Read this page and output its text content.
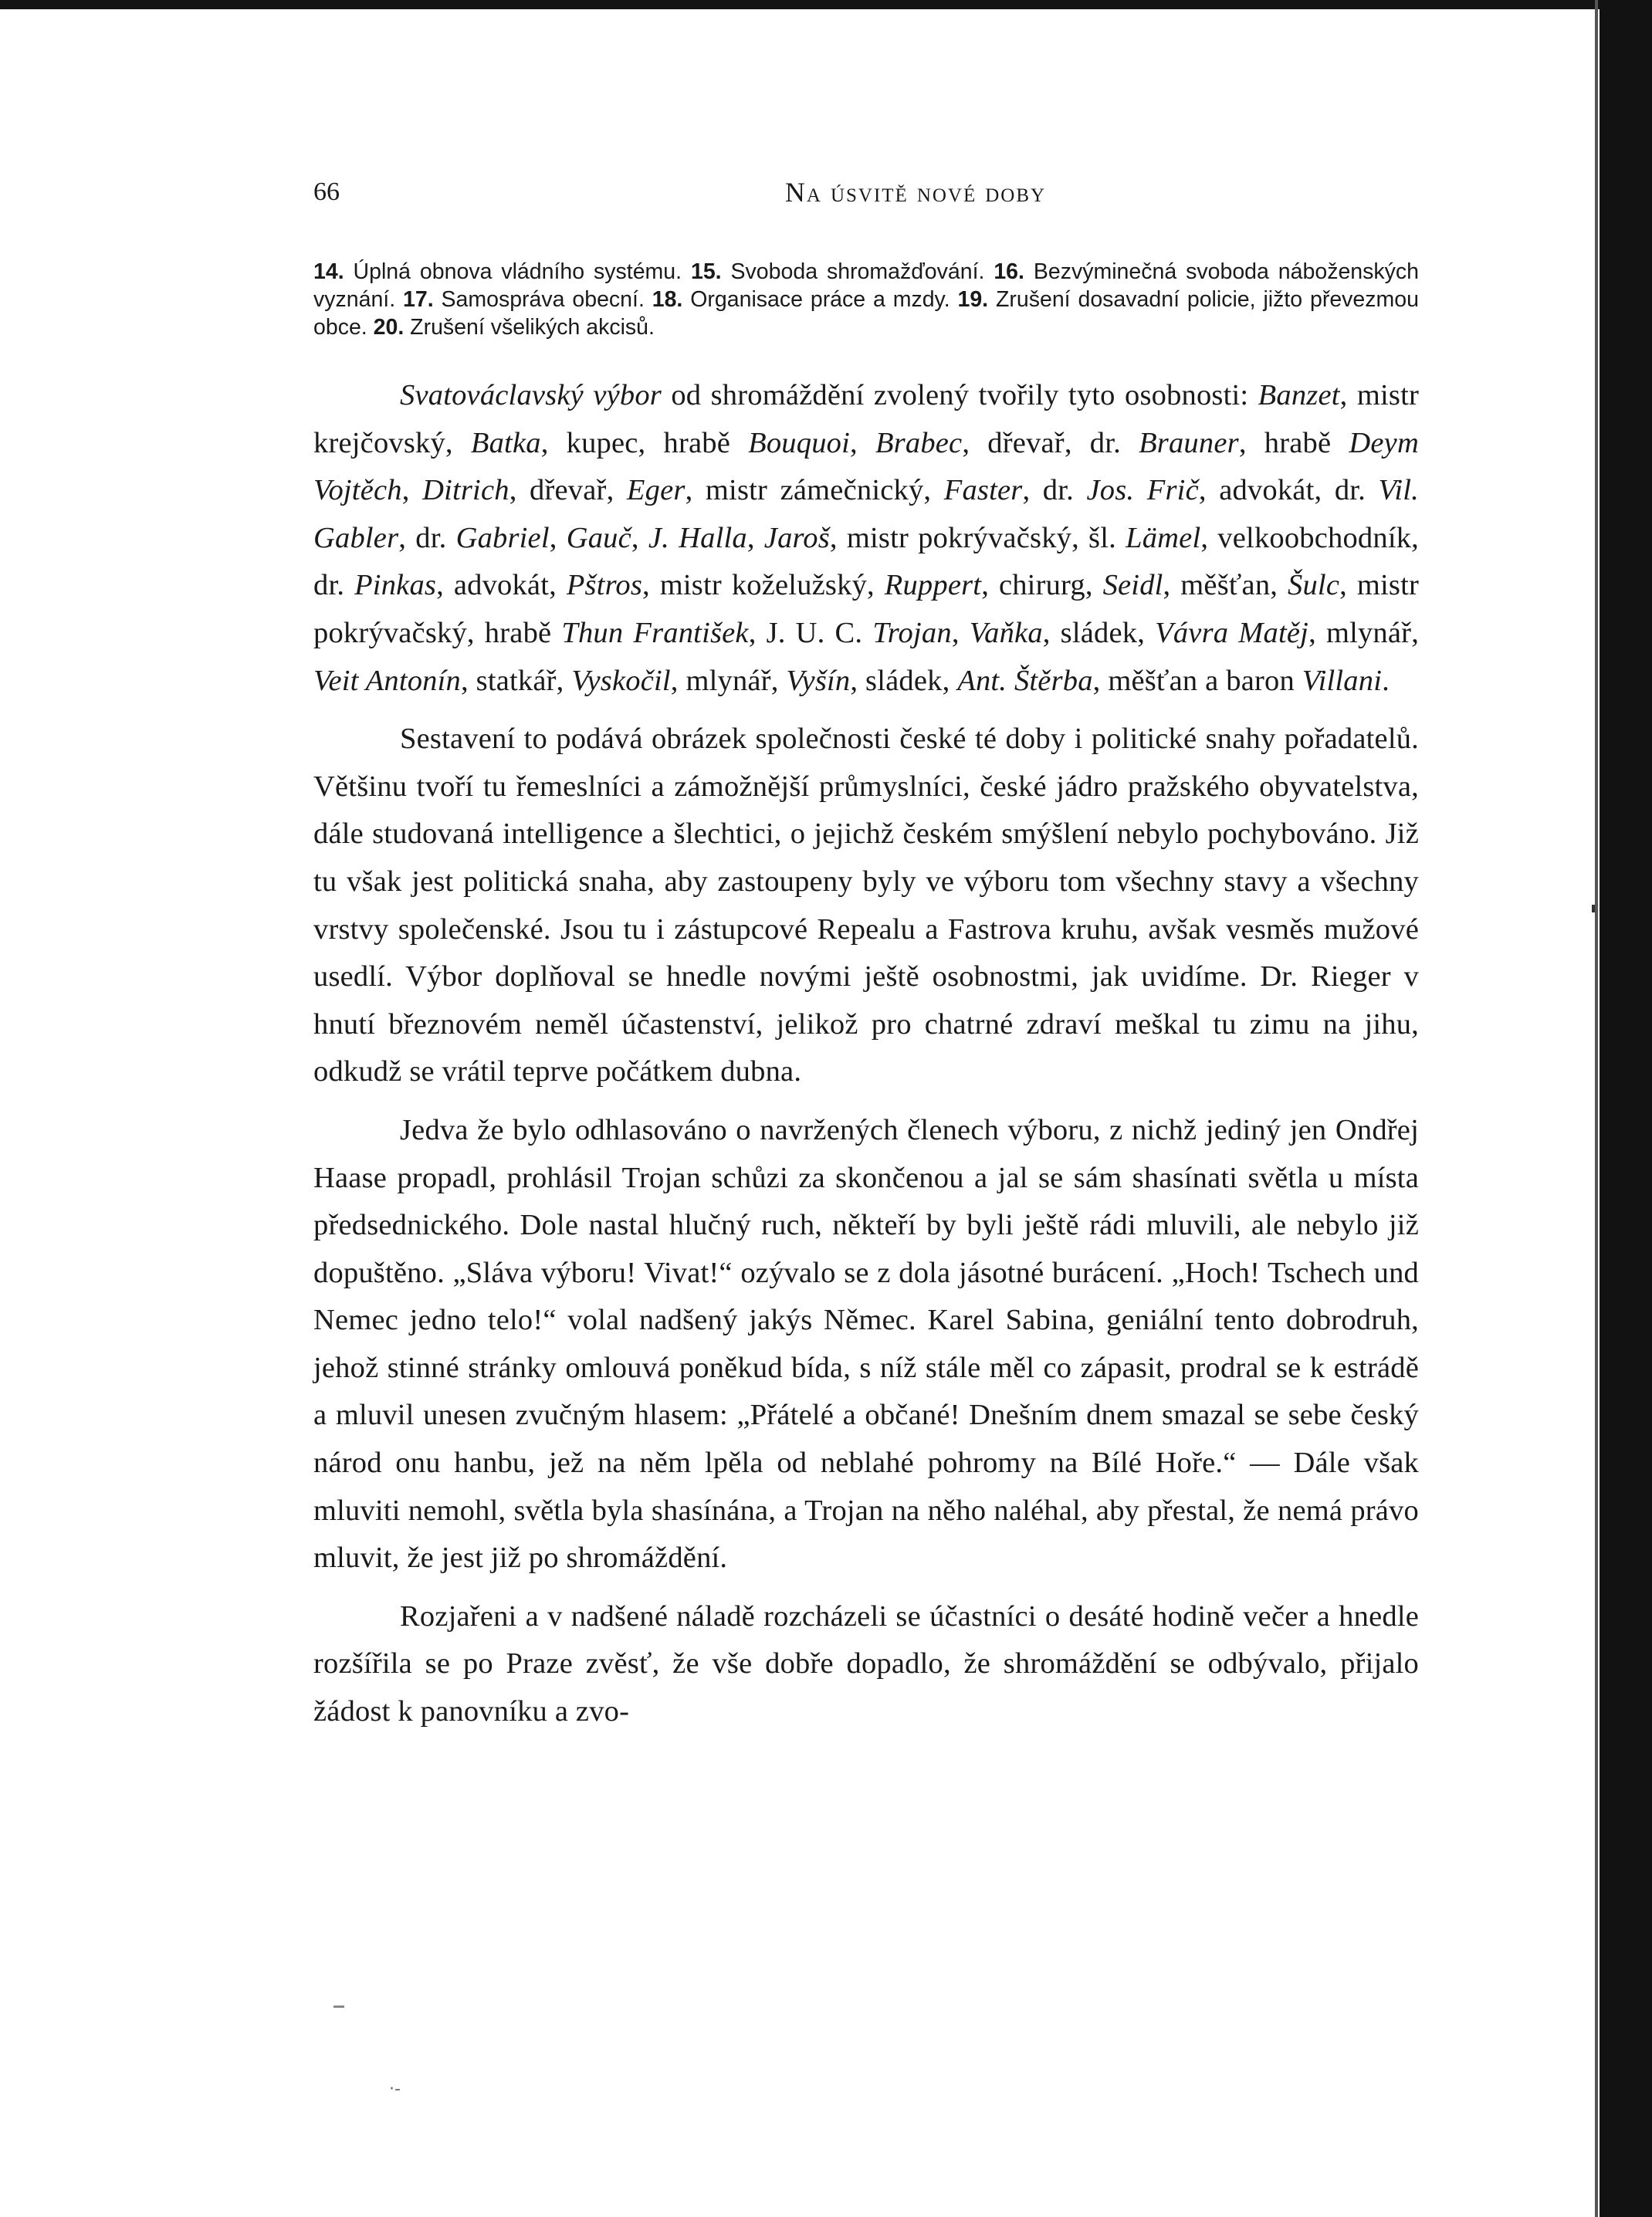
66	Na úsvitě nové doby

14. Úplná obnova vládního systému. 15. Svoboda shromažďování. 16. Bezvýminečná svoboda náboženských vyznání. 17. Samospráva obecní. 18. Organisace práce a mzdy. 19. Zrušení dosavadní policie, jižto převezmou obce. 20. Zrušení všelikých akcisů.

Svatováclavský výbor od shromáždění zvolený tvořily tyto osobnosti: Banzet, mistr krejčovský, Batka, kupec, hrabě Bouquoi, Brabec, dřevař, dr. Brauner, hrabě Deym Vojtěch, Ditrich, dřevař, Eger, mistr zámečnický, Faster, dr. Jos. Frič, advokát, dr. Vil. Gabler, dr. Gabriel, Gauč, J. Halla, Jaroš, mistr pokrývačský, šl. Lämel, velkoobchodník, dr. Pinkas, advokát, Pštros, mistr koželužský, Ruppert, chirurg, Seidl, měšťan, Šulc, mistr pokrývačský, hrabě Thun František, J. U. C. Trojan, Vaňka, sládek, Vávra Matěj, mlynář, Veit Antonín, statkář, Vyskočil, mlynář, Vyšín, sládek, Ant. Štěrba, měšťan a baron Villani.

Sestavení to podává obrázek společnosti české té doby i politické snahy pořadatelů. Většinu tvoří tu řemeslníci a zámožnější průmyslníci, české jádro pražského obyvatelstva, dále studovaná intelligence a šlechtici, o jejichž českém smýšlení nebylo pochybováno. Již tu však jest politická snaha, aby zastoupeny byly ve výboru tom všechny stavy a všechny vrstvy společenské. Jsou tu i zástupcové Repealu a Fastrova kruhu, avšak vesměs mužové usedlí. Výbor doplňoval se hnedle novými ještě osobnostmi, jak uvidíme. Dr. Rieger v hnutí březnovém neměl účastenství, jelikož pro chatrné zdraví meškal tu zimu na jihu, odkudž se vrátil teprve počátkem dubna.

Jedva že bylo odhlasováno o navržených členech výboru, z nichž jediný jen Ondřej Haase propadl, prohlásil Trojan schůzi za skončenou a jal se sám shasínati světla u místa předsednického. Dole nastal hlučný ruch, někteří by byli ještě rádi mluvili, ale nebylo již dopuštěno. „Sláva výboru! Vivat!“ ozývalo se z dola jásotné burácení. „Hoch! Tschech und Nemec jedno telo!“ volal nadšený jakýs Němec. Karel Sabina, geniální tento dobrodruh, jehož stinné stránky omlouvá poněkud bída, s níž stále měl co zápasit, prodral se k estrádě a mluvil unesen zvučným hlasem: „Přátelé a občané! Dnešním dnem smazal se sebe český národ onu hanbu, jež na něm lpěla od neblahé pohromy na Bílé Hoře.“ — Dále však mluviti nemohl, světla byla shasínána, a Trojan na něho naléhal, aby přestal, že nemá právo mluvit, že jest již po shromáždění.

Rozjařeni a v nadšené náladě rozcházeli se účastníci o desáté hodině večer a hnedle rozšířila se po Praze zvěsť, že vše dobře dopadlo, že shromáždění se odbývalo, přijalo žádost k panovníku a zvo-

·‑
